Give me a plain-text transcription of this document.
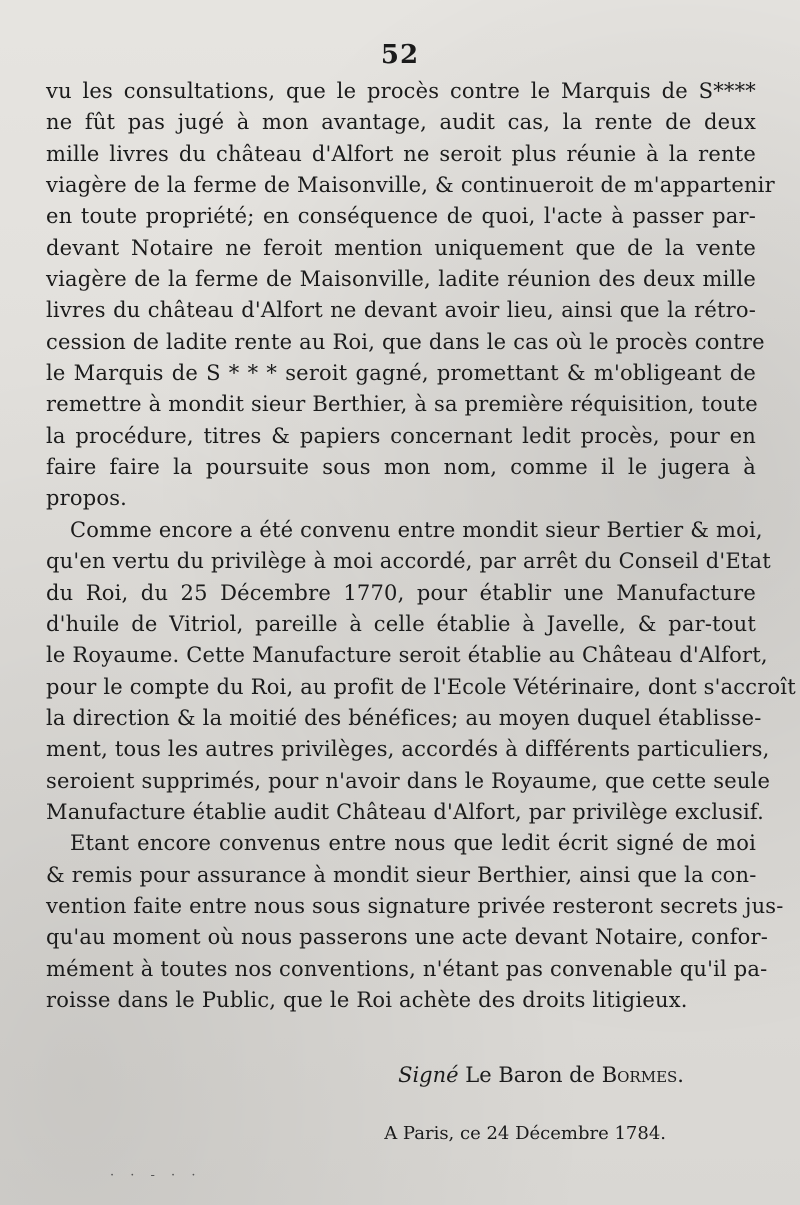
52
vu les consultations, que le procès contre le Marquis de S****
ne fût pas jugé à mon avantage, audit cas, la rente de deux
mille livres du château d'Alfort ne seroit plus réunie à la rente
viagère de la ferme de Maisonville, & continueroit de m'appartenir
en toute propriété; en conséquence de quoi, l'acte à passer par-
devant Notaire ne feroit mention uniquement que de la vente
viagère de la ferme de Maisonville, ladite réunion des deux mille
livres du château d'Alfort ne devant avoir lieu, ainsi que la rétro-
cession de ladite rente au Roi, que dans le cas où le procès contre
le Marquis de S * * * seroit gagné, promettant & m'obligeant de
remettre à mondit sieur Berthier, à sa première réquisition, toute
la procédure, titres & papiers concernant ledit procès, pour en
faire faire la poursuite sous mon nom, comme il le jugera à
propos.
Comme encore a été convenu entre mondit sieur Bertier & moi,
qu'en vertu du privilège à moi accordé, par arrêt du Conseil d'Etat
du Roi, du 25 Décembre 1770, pour établir une Manufacture
d'huile de Vitriol, pareille à celle établie à Javelle, & par-tout
le Royaume. Cette Manufacture seroit établie au Château d'Alfort,
pour le compte du Roi, au profit de l'Ecole Vétérinaire, dont s'accroît
la direction & la moitié des bénéfices; au moyen duquel établisse-
ment, tous les autres privilèges, accordés à différents particuliers,
seroient supprimés, pour n'avoir dans le Royaume, que cette seule
Manufacture établie audit Château d'Alfort, par privilège exclusif.
Etant encore convenus entre nous que ledit écrit signé de moi
& remis pour assurance à mondit sieur Berthier, ainsi que la con-
vention faite entre nous sous signature privée resteront secrets jus-
qu'au moment où nous passerons une acte devant Notaire, confor-
mément à toutes nos conventions, n'étant pas convenable qu'il pa-
roisse dans le Public, que le Roi achète des droits litigieux.
Signé Le Baron de Bormes.
A Paris, ce 24 Décembre 1784.
· · - · ·
